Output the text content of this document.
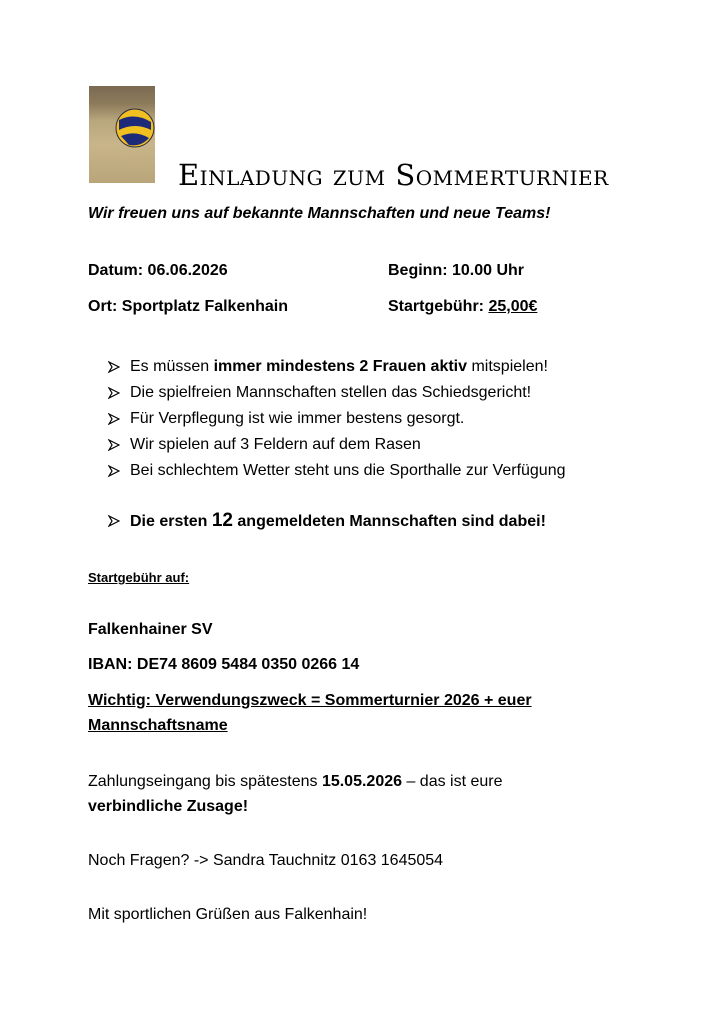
Einladung zum Sommerturnier
Wir freuen uns auf bekannte Mannschaften und neue Teams!
Datum: 06.06.2026	Beginn: 10.00 Uhr
Ort: Sportplatz Falkenhain	Startgebühr: 25,00€
Es müssen immer mindestens 2 Frauen aktiv mitspielen!
Die spielfreien Mannschaften stellen das Schiedsgericht!
Für Verpflegung ist wie immer bestens gesorgt.
Wir spielen auf 3 Feldern auf dem Rasen
Bei schlechtem Wetter steht uns die Sporthalle zur Verfügung
Die ersten 12 angemeldeten Mannschaften sind dabei!
Startgebühr auf:
Falkenhainer SV
IBAN: DE74 8609 5484 0350 0266 14
Wichtig: Verwendungszweck = Sommerturnier 2026 + euer
Mannschaftsname
Zahlungseingang bis spätestens 15.05.2026 – das ist eure
verbindliche Zusage!
Noch Fragen? -> Sandra Tauchnitz 0163 1645054
Mit sportlichen Grüßen aus Falkenhain!
